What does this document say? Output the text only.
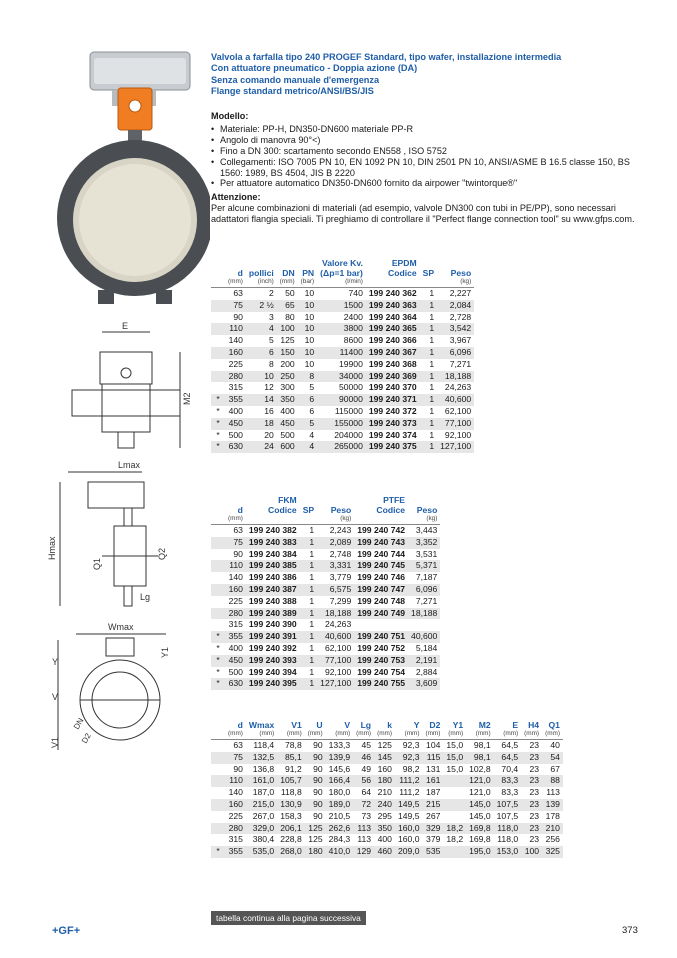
E
M2
Lmax
Hmax
Q1
Q2
Lg
Wmax
Y
Y1
V
V1
DN
D2
Valvola a farfalla tipo 240 PROGEF Standard, tipo wafer, installazione intermedia
Con attuatore pneumatico - Doppia azione (DA)
Senza comando manuale d'emergenza
Flange standard metrico/ANSI/BS/JIS
Modello:
• Materiale: PP-H, DN350-DN600 materiale PP-R
• Angolo di manovra 90°<)
• Fino a DN 300: scartamento secondo EN558 , ISO 5752
• Collegamenti: ISO 7005 PN 10, EN 1092 PN 10, DIN 2501 PN 10, ANSI/ASME B 16.5 classe 150, BS 1560: 1989, BS 4504, JIS B 2220
• Per attuatore automatico DN350-DN600 fornito da airpower "twintorque®"
Attenzione:
Per alcune combinazioni di materiali (ad esempio, valvole DN300 con tubi in PE/PP), sono necessari adattatori flangia speciali. Ti preghiamo di controllare il "Perfect flange connection tool" su www.gfps.com.
	d
(mm)	pollici
(inch)	DN
(mm)	PN
(bar)	Valore Kv.
(Δp=1 bar)
(l/min)	EPDM
Codice	SP	Peso
(kg)

	63	2	50	10	740	199 240 362	1	2,227
	75	2 ½	65	10	1500	199 240 363	1	2,084
	90	3	80	10	2400	199 240 364	1	2,728
	110	4	100	10	3800	199 240 365	1	3,542
	140	5	125	10	8600	199 240 366	1	3,967
	160	6	150	10	11400	199 240 367	1	6,096
	225	8	200	10	19900	199 240 368	1	7,271
	280	10	250	8	34000	199 240 369	1	18,188
	315	12	300	5	50000	199 240 370	1	24,263
*	355	14	350	6	90000	199 240 371	1	40,600
*	400	16	400	6	115000	199 240 372	1	62,100
*	450	18	450	5	155000	199 240 373	1	77,100
*	500	20	500	4	204000	199 240 374	1	92,100
*	630	24	600	4	265000	199 240 375	1	127,100
	d
(mm)	FKM
Codice	SP	Peso
(kg)	PTFE
Codice	Peso
(kg)

	63	199 240 382	1	2,243	199 240 742	3,443
	75	199 240 383	1	2,089	199 240 743	3,352
	90	199 240 384	1	2,748	199 240 744	3,531
	110	199 240 385	1	3,331	199 240 745	5,371
	140	199 240 386	1	3,779	199 240 746	7,187
	160	199 240 387	1	6,575	199 240 747	6,096
	225	199 240 388	1	7,299	199 240 748	7,271
	280	199 240 389	1	18,188	199 240 749	18,188
	315	199 240 390	1	24,263		
*	355	199 240 391	1	40,600	199 240 751	40,600
*	400	199 240 392	1	62,100	199 240 752	5,184
*	450	199 240 393	1	77,100	199 240 753	2,191
*	500	199 240 394	1	92,100	199 240 754	2,884
*	630	199 240 395	1	127,100	199 240 755	3,609
	d
(mm)	Wmax
(mm)	V1
(mm)	U
(mm)	V
(mm)	Lg
(mm)	k
(mm)	Y
(mm)	D2
(mm)	Y1
(mm)	M2
(mm)	E
(mm)	H4
(mm)	Q1
(mm)

	63	118,4	78,8	90	133,3	45	125	92,3	104	15,0	98,1	64,5	23	40
	75	132,5	85,1	90	139,9	46	145	92,3	115	15,0	98,1	64,5	23	54
	90	136,8	91,2	90	145,6	49	160	98,2	131	15,0	102,8	70,4	23	67
	110	161,0	105,7	90	166,4	56	180	111,2	161		121,0	83,3	23	88
	140	187,0	118,8	90	180,0	64	210	111,2	187		121,0	83,3	23	113
	160	215,0	130,9	90	189,0	72	240	149,5	215		145,0	107,5	23	139
	225	267,0	158,3	90	210,5	73	295	149,5	267		145,0	107,5	23	178
	280	329,0	206,1	125	262,6	113	350	160,0	329	18,2	169,8	118,0	23	210
	315	380,4	228,8	125	284,3	113	400	160,0	379	18,2	169,8	118,0	23	256
*	355	535,0	268,0	180	410,0	129	460	209,0	535		195,0	153,0	100	325
tabella continua alla pagina successiva
+GF+	373
